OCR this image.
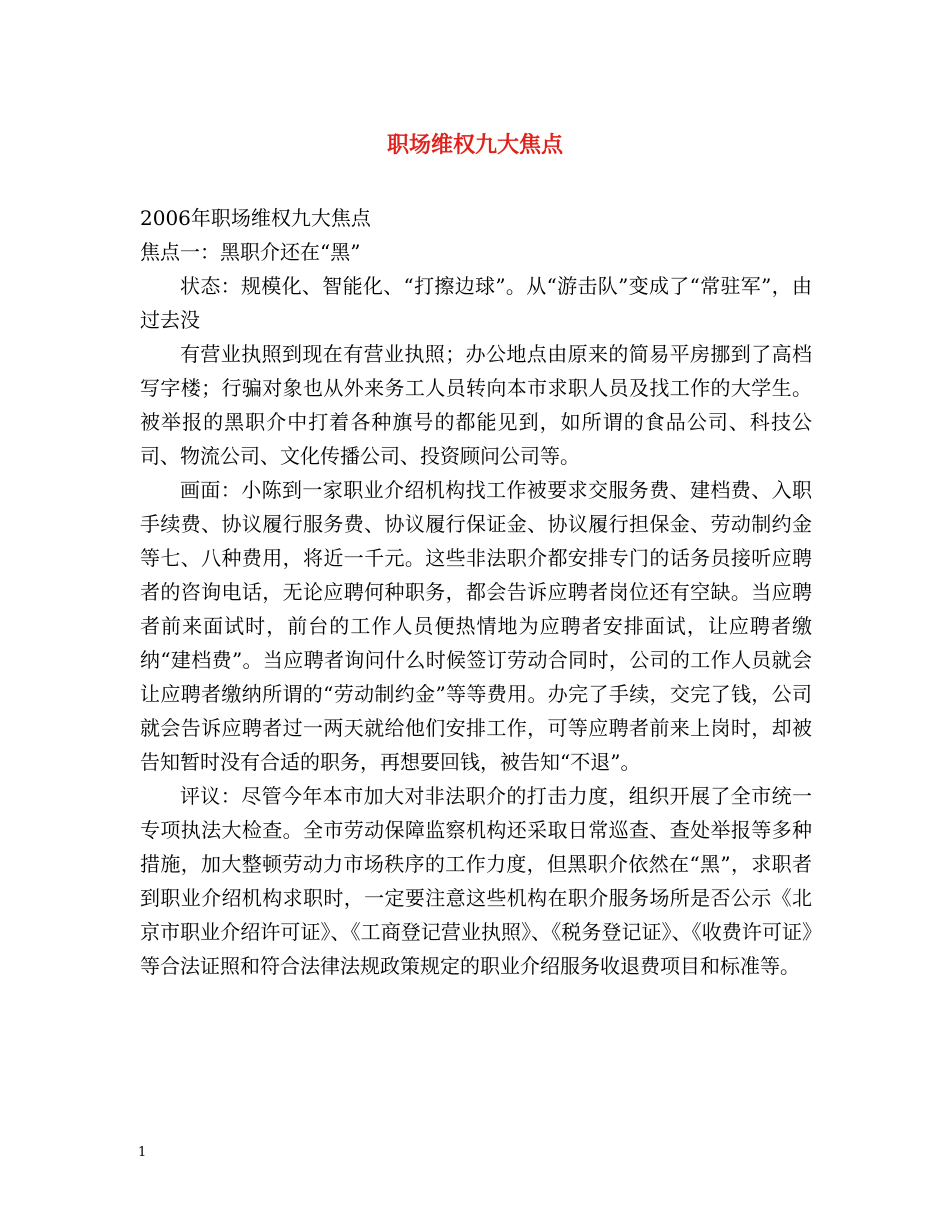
职场维权九大焦点

2006年职场维权九大焦点

焦点一：黑职介还在“黑”

状态：规模化、智能化、“打擦边球”。从“游击队”变成了“常驻军”，由过去没

有营业执照到现在有营业执照；办公地点由原来的简易平房挪到了高档写字楼；行骗对象也从外来务工人员转向本市求职人员及找工作的大学生。被举报的黑职介中打着各种旗号的都能见到，如所谓的食品公司、科技公司、物流公司、文化传播公司、投资顾问公司等。

画面：小陈到一家职业介绍机构找工作被要求交服务费、建档费、入职手续费、协议履行服务费、协议履行保证金、协议履行担保金、劳动制约金等七、八种费用，将近一千元。这些非法职介都安排专门的话务员接听应聘者的咨询电话，无论应聘何种职务，都会告诉应聘者岗位还有空缺。当应聘者前来面试时，前台的工作人员便热情地为应聘者安排面试，让应聘者缴纳“建档费”。当应聘者询问什么时候签订劳动合同时，公司的工作人员就会让应聘者缴纳所谓的“劳动制约金”等等费用。办完了手续，交完了钱，公司就会告诉应聘者过一两天就给他们安排工作，可等应聘者前来上岗时，却被告知暂时没有合适的职务，再想要回钱，被告知“不退”。

评议：尽管今年本市加大对非法职介的打击力度，组织开展了全市统一专项执法大检查。全市劳动保障监察机构还采取日常巡查、查处举报等多种措施，加大整顿劳动力市场秩序的工作力度，但黑职介依然在“黑”，求职者到职业介绍机构求职时，一定要注意这些机构在职介服务场所是否公示《北京市职业介绍许可证》、《工商登记营业执照》、《税务登记证》、《收费许可证》等合法证照和符合法律法规政策规定的职业介绍服务收退费项目和标准等。

1
